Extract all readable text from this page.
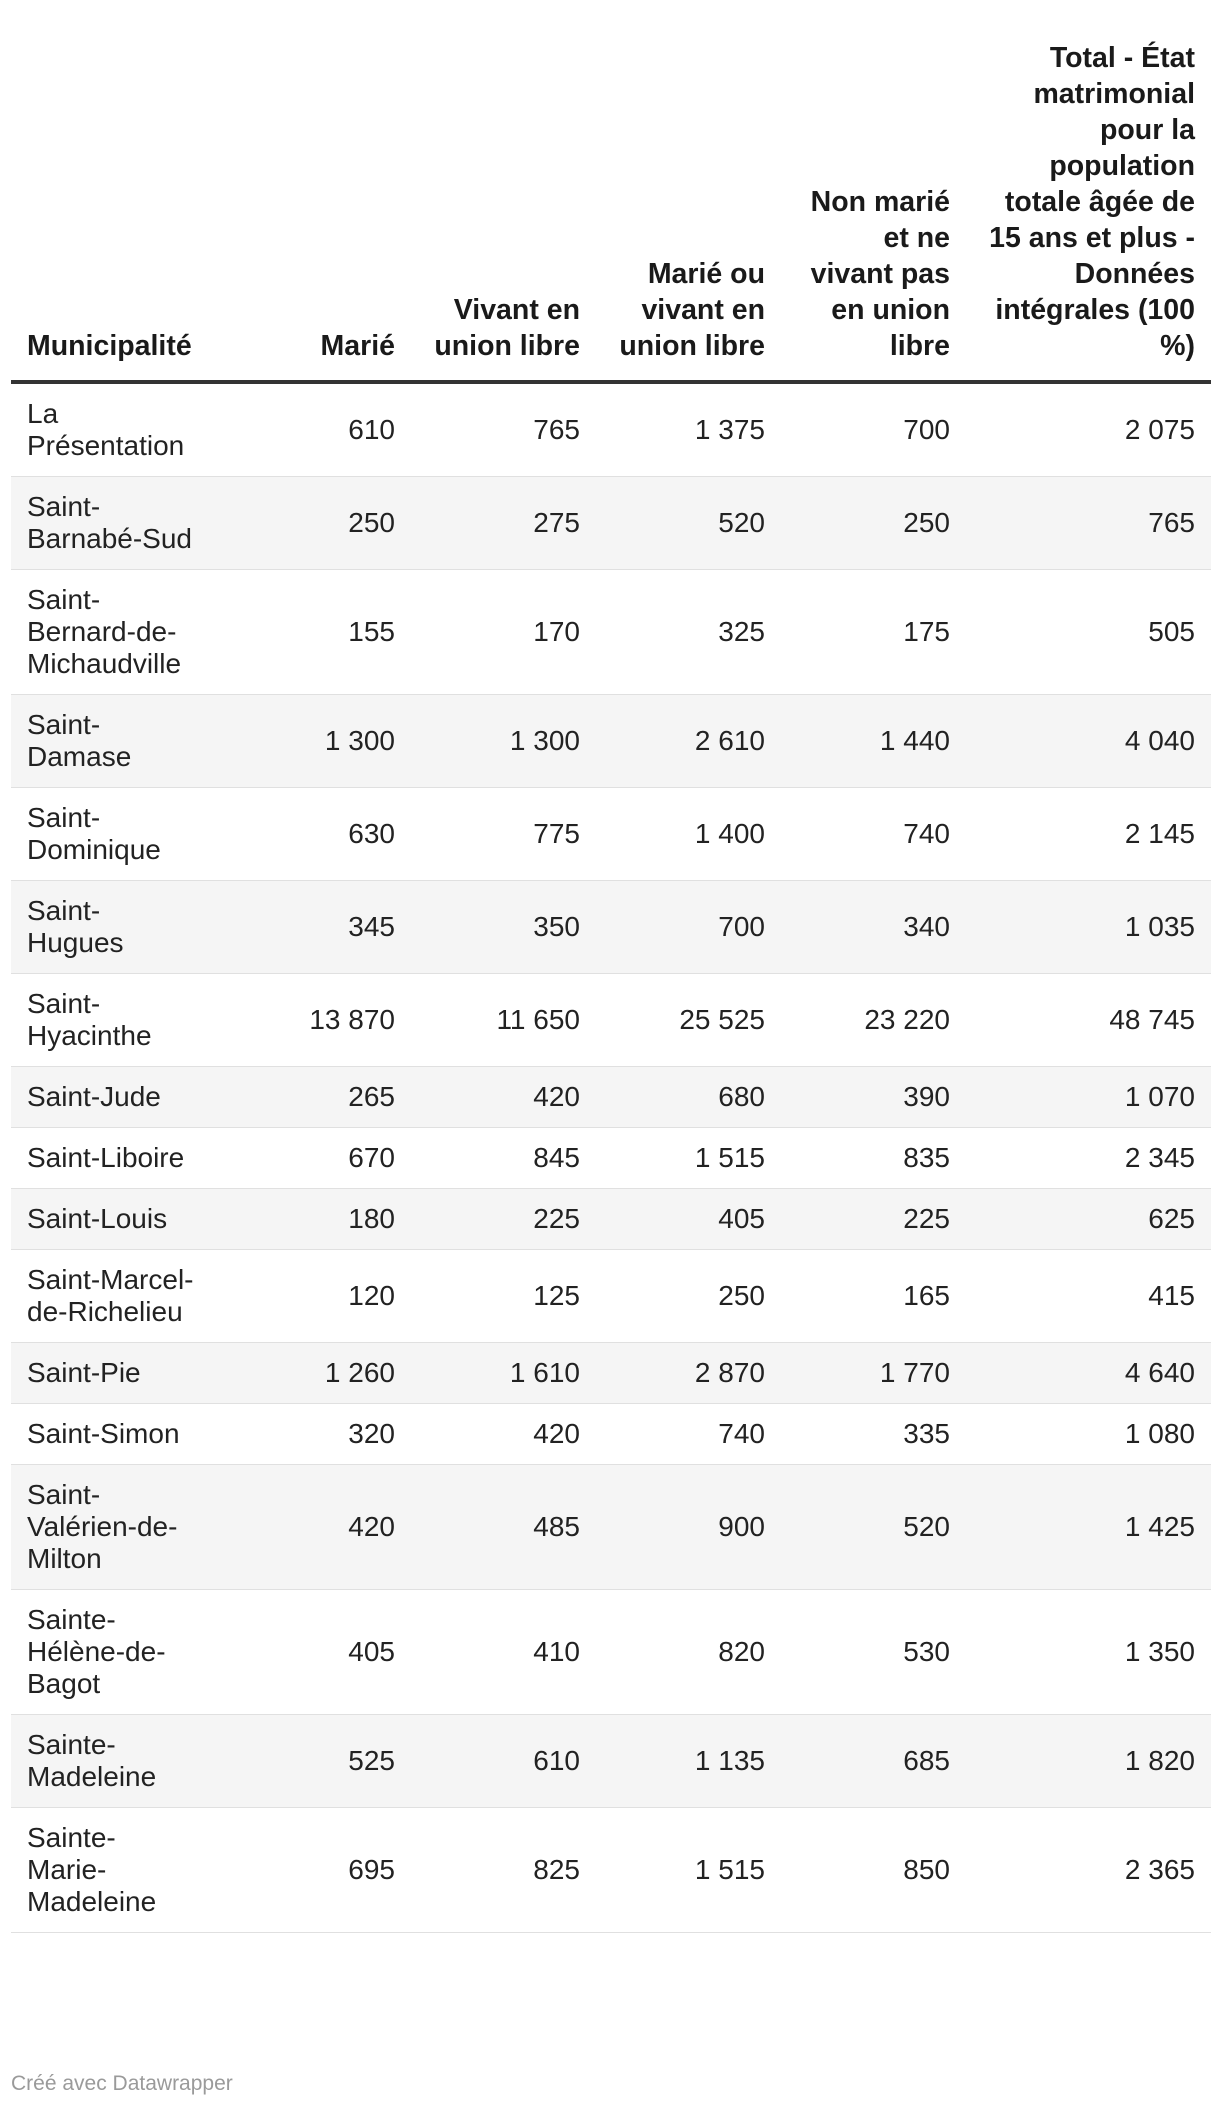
Municipalité	Marié	Vivant en union libre	Marié ou vivant en union libre	Non marié et ne vivant pas en union libre	Total - État matrimonial pour la population totale âgée de 15 ans et plus - Données intégrales (100 %)
La Présentation	610	765	1 375	700	2 075
Saint-Barnabé-Sud	250	275	520	250	765
Saint-Bernard-de-Michaudville	155	170	325	175	505
Saint-Damase	1 300	1 300	2 610	1 440	4 040
Saint-Dominique	630	775	1 400	740	2 145
Saint-Hugues	345	350	700	340	1 035
Saint-Hyacinthe	13 870	11 650	25 525	23 220	48 745
Saint-Jude	265	420	680	390	1 070
Saint-Liboire	670	845	1 515	835	2 345
Saint-Louis	180	225	405	225	625
Saint-Marcel-de-Richelieu	120	125	250	165	415
Saint-Pie	1 260	1 610	2 870	1 770	4 640
Saint-Simon	320	420	740	335	1 080
Saint-Valérien-de-Milton	420	485	900	520	1 425
Sainte-Hélène-de-Bagot	405	410	820	530	1 350
Sainte-Madeleine	525	610	1 135	685	1 820
Sainte-Marie-Madeleine	695	825	1 515	850	2 365
Créé avec Datawrapper
